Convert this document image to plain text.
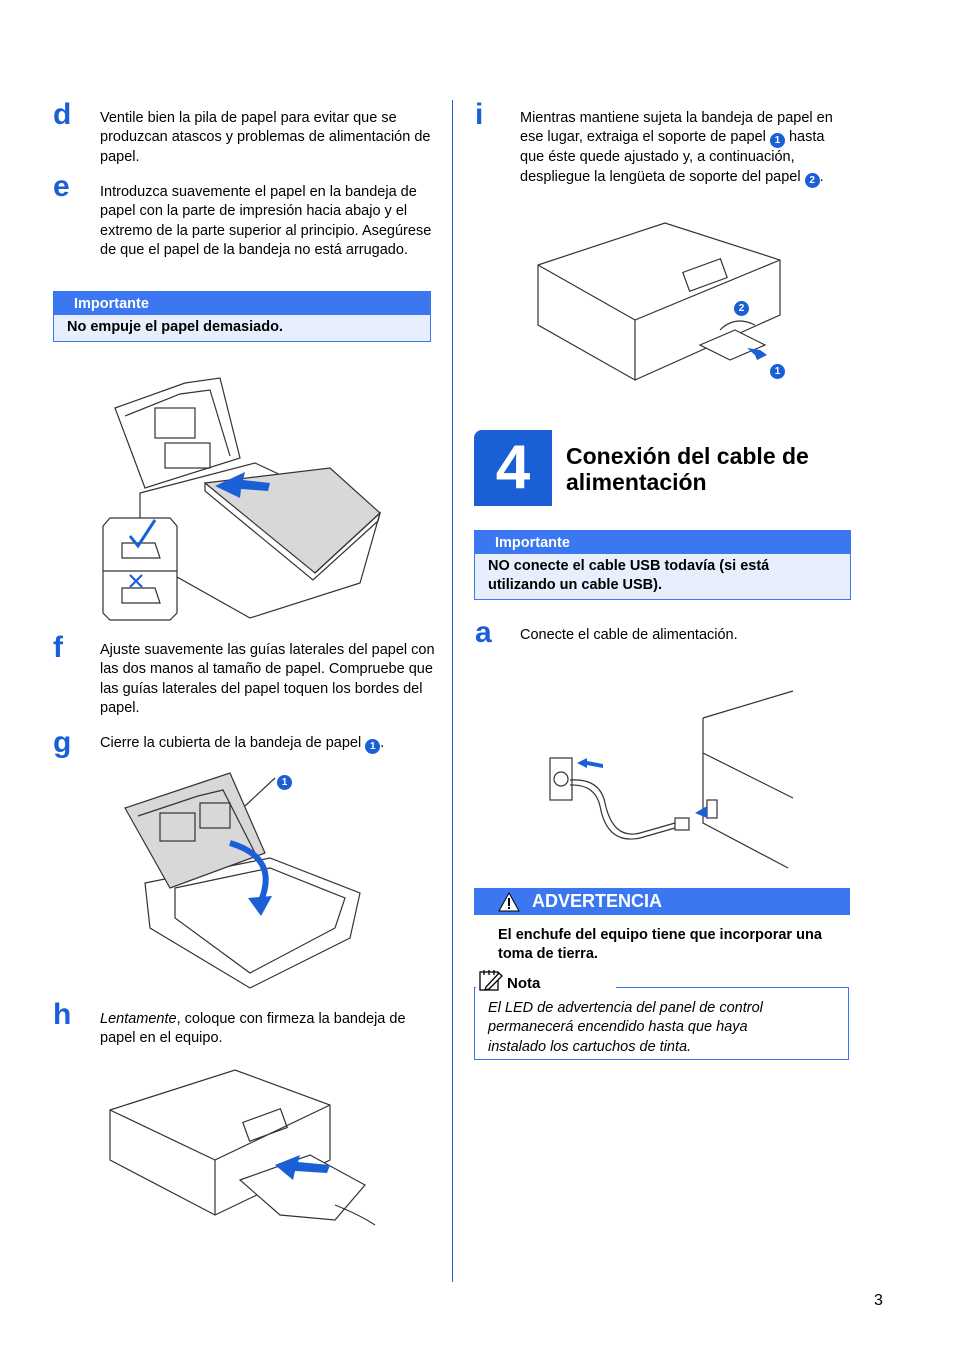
d Ventile bien la pila de papel para evitar que se produzcan atascos y problemas de alimentación de papel.
e Introduzca suavemente el papel en la bandeja de papel con la parte de impresión hacia abajo y el extremo de la parte superior al principio. Asegúrese de que el papel de la bandeja no está arrugado.
Importante
No empuje el papel demasiado.
f	Ajuste suavemente las guías laterales del papel con las dos manos al tamaño de papel. Compruebe que las guías laterales del papel toquen los bordes del papel.
g Cierre la cubierta de la bandeja de papel 1 .
1
h Lentamente, coloque con firmeza la bandeja de papel en el equipo.
i	Mientras mantiene sujeta la bandeja de papel en ese lugar, extraiga el soporte de papel 1 hasta que éste quede ajustado y, a continuación, despliegue la lengüeta de soporte del papel 2 .
2
1
4	Conexión del cable de
alimentación
Importante
NO conecte el cable USB todavía (si está
utilizando un cable USB).
a Conecte el cable de alimentación.
ADVERTENCIA
El enchufe del equipo tiene que incorporar una
toma de tierra.
Nota
El LED de advertencia del panel de control
permanecerá encendido hasta que haya
instalado los cartuchos de tinta.
3
